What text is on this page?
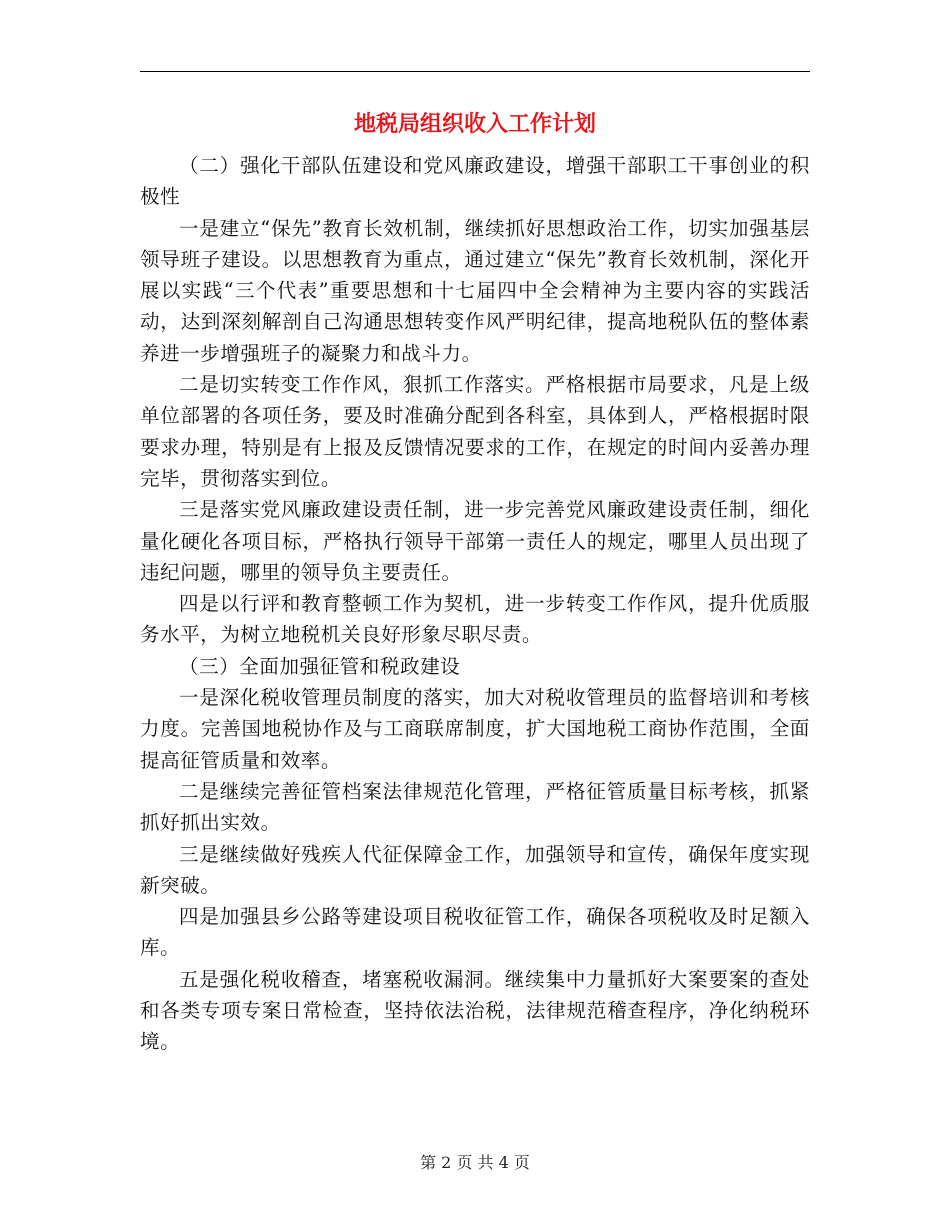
地税局组织收入工作计划

（二）强化干部队伍建设和党风廉政建设，增强干部职工干事创业的积极性

一是建立“保先”教育长效机制，继续抓好思想政治工作，切实加强基层领导班子建设。以思想教育为重点，通过建立“保先”教育长效机制，深化开展以实践“三个代表”重要思想和十七届四中全会精神为主要内容的实践活动，达到深刻解剖自己沟通思想转变作风严明纪律，提高地税队伍的整体素养进一步增强班子的凝聚力和战斗力。

二是切实转变工作作风，狠抓工作落实。严格根据市局要求，凡是上级单位部署的各项任务，要及时准确分配到各科室，具体到人，严格根据时限要求办理，特别是有上报及反馈情况要求的工作，在规定的时间内妥善办理完毕，贯彻落实到位。

三是落实党风廉政建设责任制，进一步完善党风廉政建设责任制，细化量化硬化各项目标，严格执行领导干部第一责任人的规定，哪里人员出现了违纪问题，哪里的领导负主要责任。

四是以行评和教育整顿工作为契机，进一步转变工作作风，提升优质服务水平，为树立地税机关良好形象尽职尽责。

（三）全面加强征管和税政建设

一是深化税收管理员制度的落实，加大对税收管理员的监督培训和考核力度。完善国地税协作及与工商联席制度，扩大国地税工商协作范围，全面提高征管质量和效率。

二是继续完善征管档案法律规范化管理，严格征管质量目标考核，抓紧抓好抓出实效。

三是继续做好残疾人代征保障金工作，加强领导和宣传，确保年度实现新突破。

四是加强县乡公路等建设项目税收征管工作，确保各项税收及时足额入库。

五是强化税收稽查，堵塞税收漏洞。继续集中力量抓好大案要案的查处和各类专项专案日常检查，坚持依法治税，法律规范稽查程序，净化纳税环境。

第 2 页 共 4 页
